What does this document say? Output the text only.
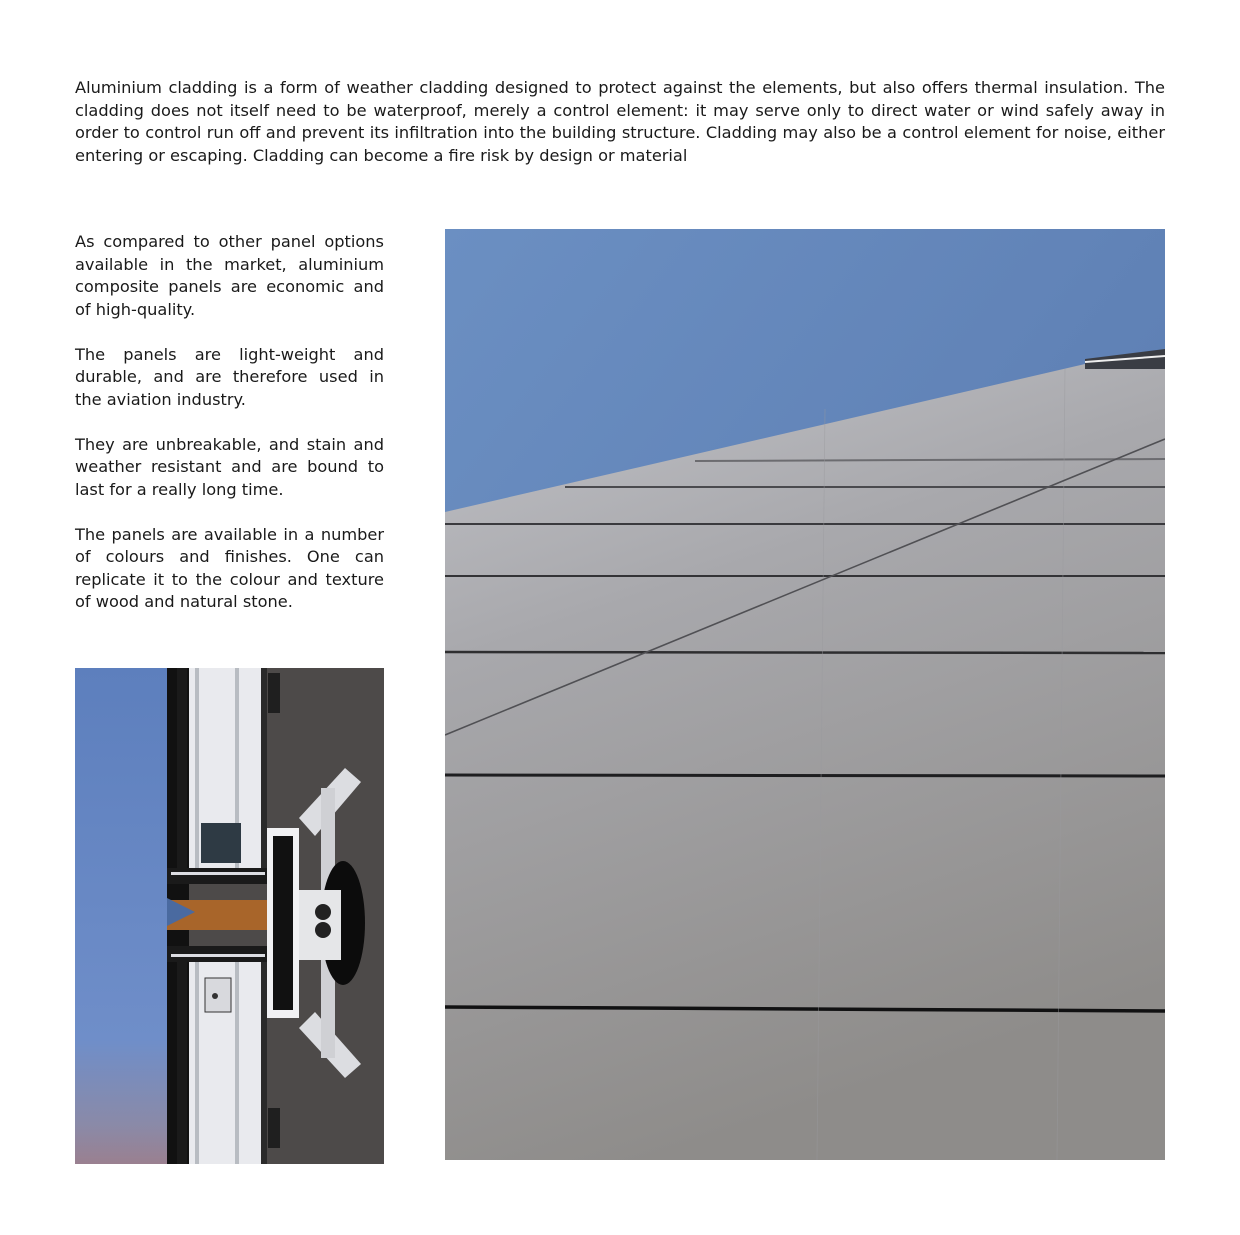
Aluminium cladding is a form of weather cladding designed to protect against the elements, but also offers thermal insulation. The cladding does not itself need to be waterproof, merely a control element: it may serve only to direct water or wind safely away in order to control run off and prevent its infiltration into the building structure. Cladding may also be a control element for noise, either entering or escaping. Cladding can become a fire risk by design or material

As compared to other panel options available in the market, aluminium composite panels are economic and of high-quality.

The panels are light-weight and durable, and are therefore used in the aviation industry.

They are unbreakable, and stain and weather resistant and are bound to last for a really long time.

The panels are available in a number of colours and finishes. One can replicate it to the colour and texture of wood and natural stone.
